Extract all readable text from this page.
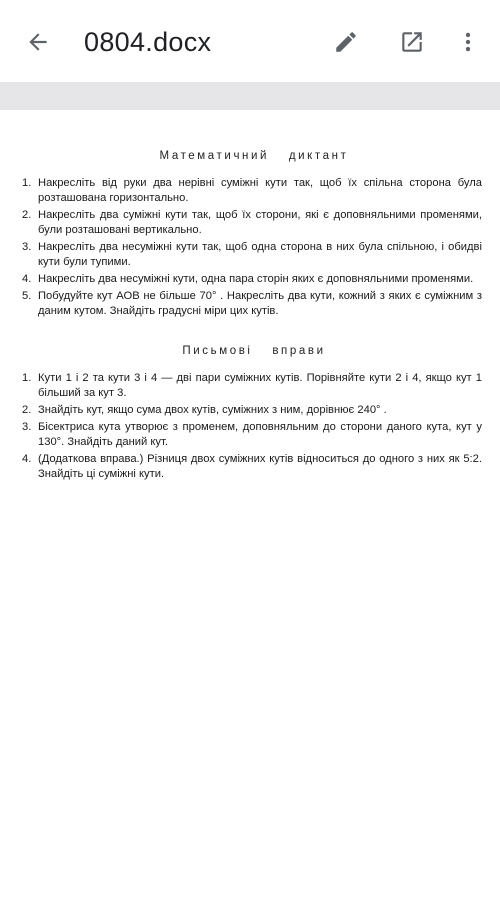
0804.docx
Математичний диктант
1. Накресліть від руки два нерівні суміжні кути так, щоб їх спільна сторона була розташована горизонтально.
2. Накресліть два суміжні кути так, щоб їх сторони, які є доповняльними променями, були розташовані вертикально.
3. Накресліть два несуміжні кути так, щоб одна сторона в них була спільною, і обидві кути були тупими.
4. Накресліть два несуміжні кути, одна пара сторін яких є доповняльними променями.
5. Побудуйте кут АОВ не більше 70° . Накресліть два кути, кожний з яких є суміжним з даним кутом. Знайдіть градусні міри цих кутів.
Письмові вправи
1. Кути 1 і 2 та кути 3 і 4 — дві пари суміжних кутів. Порівняйте кути 2 і 4, якщо кут 1 більший за кут 3.
2. Знайдіть кут, якщо сума двох кутів, суміжних з ним, дорівнює 240° .
3. Бісектриса кута утворює з променем, доповняльним до сторони даного кута, кут у 130°. Знайдіть даний кут.
4. (Додаткова вправа.) Різниця двох суміжних кутів відноситься до одного з них як 5:2. Знайдіть ці суміжні кути.
